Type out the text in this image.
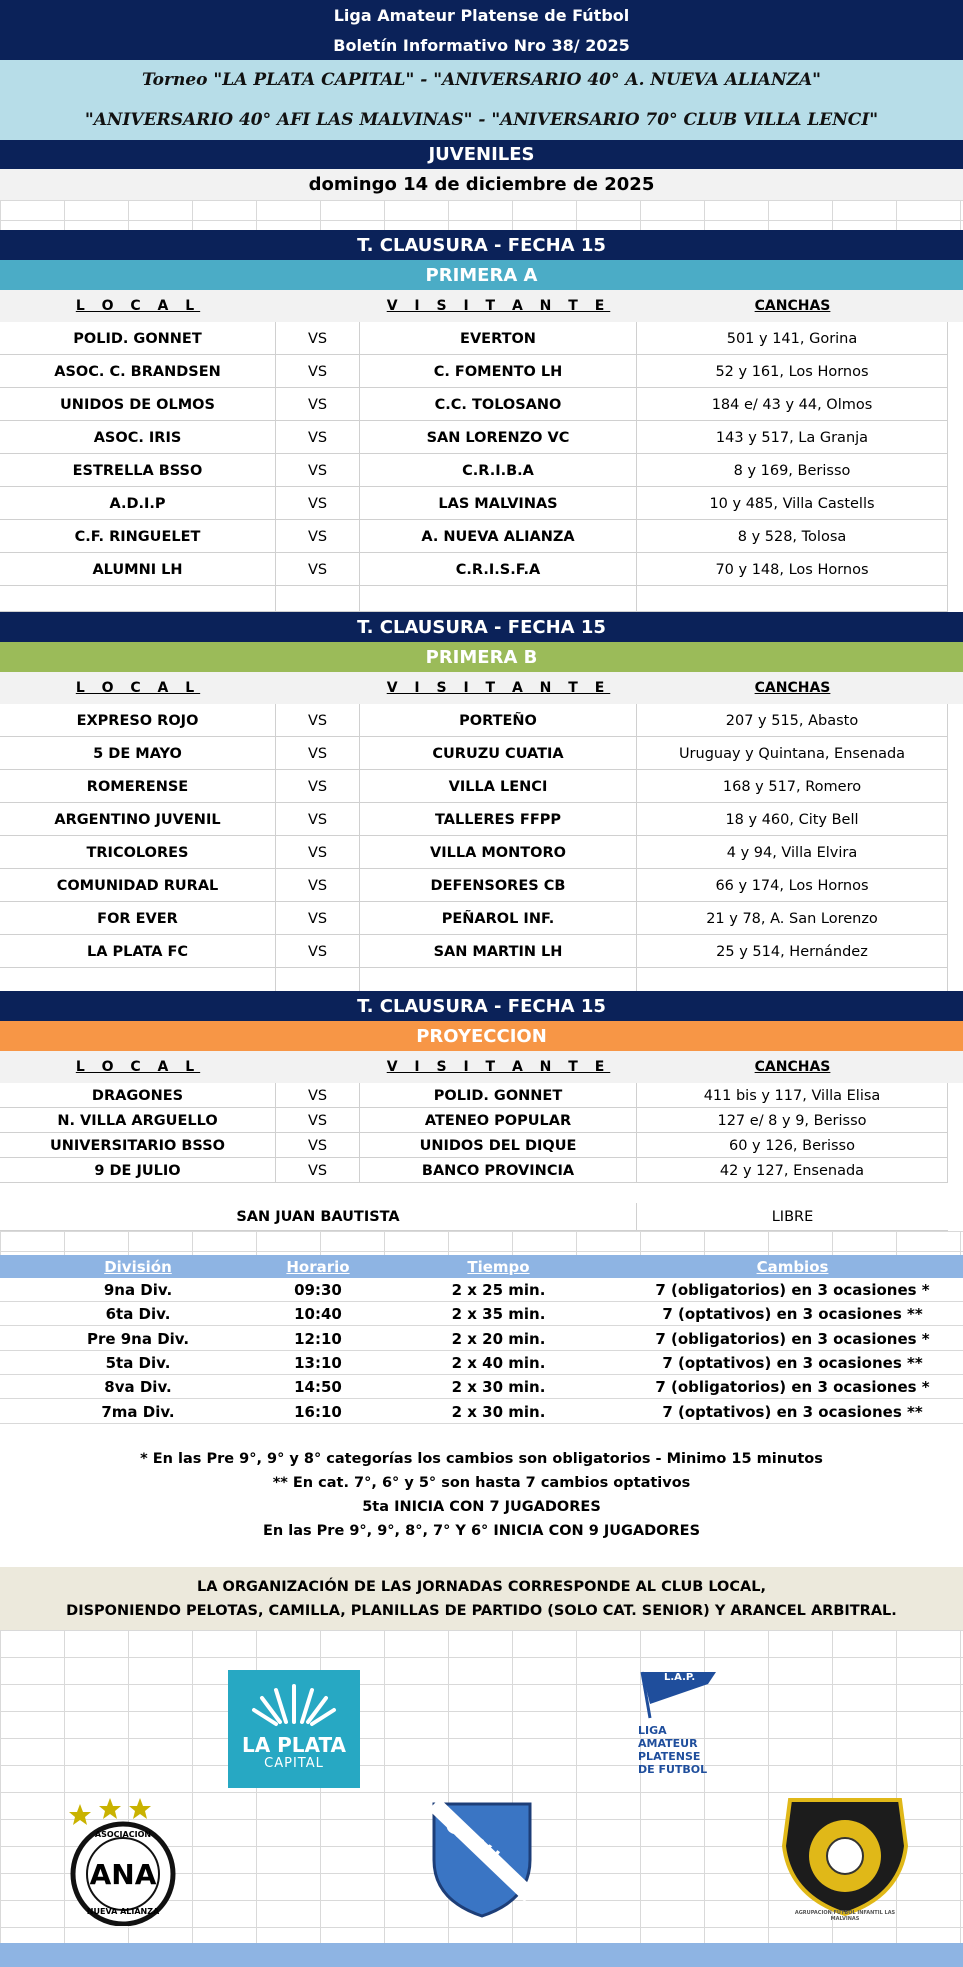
Liga Amateur Platense de Fútbol
Boletín Informativo Nro 38/ 2025
Torneo "LA PLATA CAPITAL" - "ANIVERSARIO 40° A. NUEVA ALIANZA"
"ANIVERSARIO 40° AFI LAS MALVINAS" - "ANIVERSARIO 70° CLUB VILLA LENCI"
JUVENILES
domingo 14 de diciembre de 2025
T. CLAUSURA - FECHA 15
PRIMERA A
L O C A L	V I S I T A N T E	CANCHAS
POLID. GONNET	VS	EVERTON	501 y 141, Gorina
ASOC. C. BRANDSEN	VS	C. FOMENTO LH	52 y 161, Los Hornos
UNIDOS DE OLMOS	VS	C.C. TOLOSANO	184 e/ 43 y 44, Olmos
ASOC. IRIS	VS	SAN LORENZO VC	143 y 517, La Granja
ESTRELLA BSSO	VS	C.R.I.B.A	8 y 169, Berisso
A.D.I.P	VS	LAS MALVINAS	10 y 485, Villa Castells
C.F. RINGUELET	VS	A. NUEVA ALIANZA	8 y 528, Tolosa
ALUMNI LH	VS	C.R.I.S.F.A	70 y 148, Los Hornos
T. CLAUSURA - FECHA 15
PRIMERA B
L O C A L	V I S I T A N T E	CANCHAS
EXPRESO ROJO	VS	PORTEÑO	207 y 515, Abasto
5 DE MAYO	VS	CURUZU CUATIA	Uruguay y Quintana, Ensenada
ROMERENSE	VS	VILLA LENCI	168 y 517, Romero
ARGENTINO JUVENIL	VS	TALLERES FFPP	18 y 460, City Bell
TRICOLORES	VS	VILLA MONTORO	4 y 94, Villa Elvira
COMUNIDAD RURAL	VS	DEFENSORES CB	66 y 174, Los Hornos
FOR EVER	VS	PEÑAROL INF.	21 y 78, A. San Lorenzo
LA PLATA FC	VS	SAN MARTIN LH	25 y 514, Hernández
T. CLAUSURA - FECHA 15
PROYECCION
L O C A L	V I S I T A N T E	CANCHAS
DRAGONES	VS	POLID. GONNET	411 bis y 117, Villa Elisa
N. VILLA ARGUELLO	VS	ATENEO POPULAR	127 e/ 8 y 9, Berisso
UNIVERSITARIO BSSO	VS	UNIDOS DEL DIQUE	60 y 126, Berisso
9 DE JULIO	VS	BANCO PROVINCIA	42 y 127, Ensenada
SAN JUAN BAUTISTA	LIBRE
División	Horario	Tiempo	Cambios
9na Div.	09:30	2 x 25 min.	7 (obligatorios) en 3 ocasiones *
6ta Div.	10:40	2 x 35 min.	7 (optativos) en 3 ocasiones **
Pre 9na Div.	12:10	2 x 20 min.	7 (obligatorios) en 3 ocasiones *
5ta Div.	13:10	2 x 40 min.	7 (optativos) en 3 ocasiones **
8va Div.	14:50	2 x 30 min.	7 (obligatorios) en 3 ocasiones *
7ma Div.	16:10	2 x 30 min.	7 (optativos) en 3 ocasiones **
* En las Pre 9°, 9° y 8° categorías los cambios son obligatorios - Minimo 15 minutos
** En cat. 7°, 6° y 5° son hasta 7 cambios optativos
5ta INICIA CON 7 JUGADORES
En las Pre 9°, 9°, 8°, 7° Y 6° INICIA CON 9 JUGADORES
LA ORGANIZACIÓN DE LAS JORNADAS CORRESPONDE AL CLUB LOCAL,
DISPONIENDO PELOTAS, CAMILLA, PLANILLAS DE PARTIDO (SOLO CAT. SENIOR) Y ARANCEL ARBITRAL.
LA PLATA
CAPITAL
L.A.P.
LIGA
AMATEUR
PLATENSE
DE FUTBOL
ASOCIACION
ANA
NUEVA ALIANZA
C.F.V.L.
AGRUPACION FUTBOL INFANTIL LAS MALVINAS
